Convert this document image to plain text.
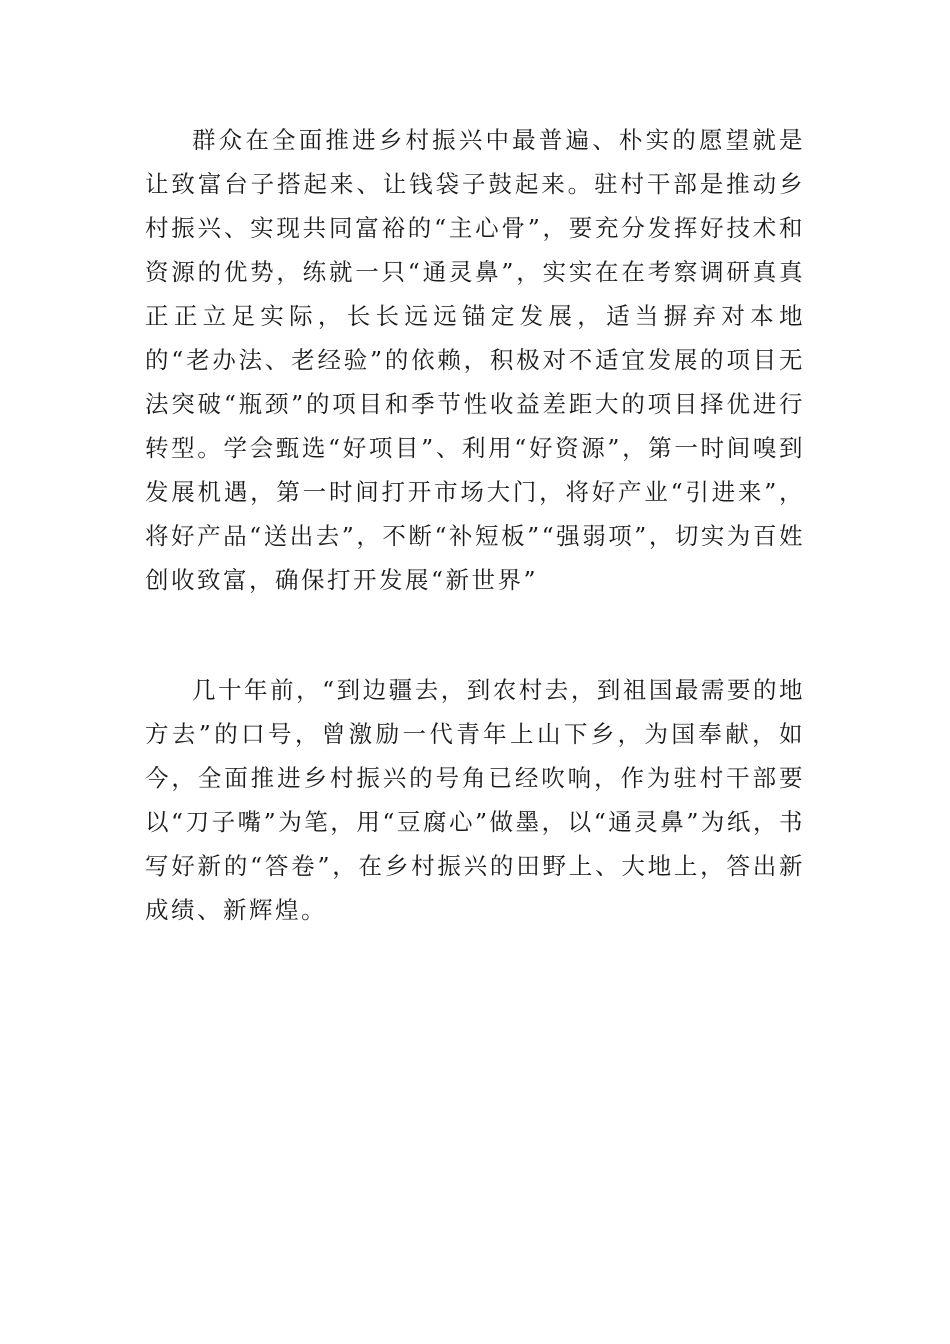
群众在全面推进乡村振兴中最普遍、朴实的愿望就是让致富台子搭起来、让钱袋子鼓起来。驻村干部是推动乡村振兴、实现共同富裕的“主心骨”，要充分发挥好技术和资源的优势，练就一只“通灵鼻”，实实在在考察调研真真正正立足实际，长长远远锚定发展，适当摒弃对本地的“老办法、老经验”的依赖，积极对不适宜发展的项目无法突破“瓶颈”的项目和季节性收益差距大的项目择优进行转型。学会甄选“好项目”、利用“好资源”，第一时间嗅到发展机遇，第一时间打开市场大门，将好产业“引进来”，将好产品“送出去”，不断“补短板”“强弱项”，切实为百姓创收致富，确保打开发展“新世界”

几十年前，“到边疆去，到农村去，到祖国最需要的地方去”的口号，曾激励一代青年上山下乡，为国奉献，如今，全面推进乡村振兴的号角已经吹响，作为驻村干部要以“刀子嘴”为笔，用“豆腐心”做墨，以“通灵鼻”为纸，书写好新的“答卷”，在乡村振兴的田野上、大地上，答出新成绩、新辉煌。
